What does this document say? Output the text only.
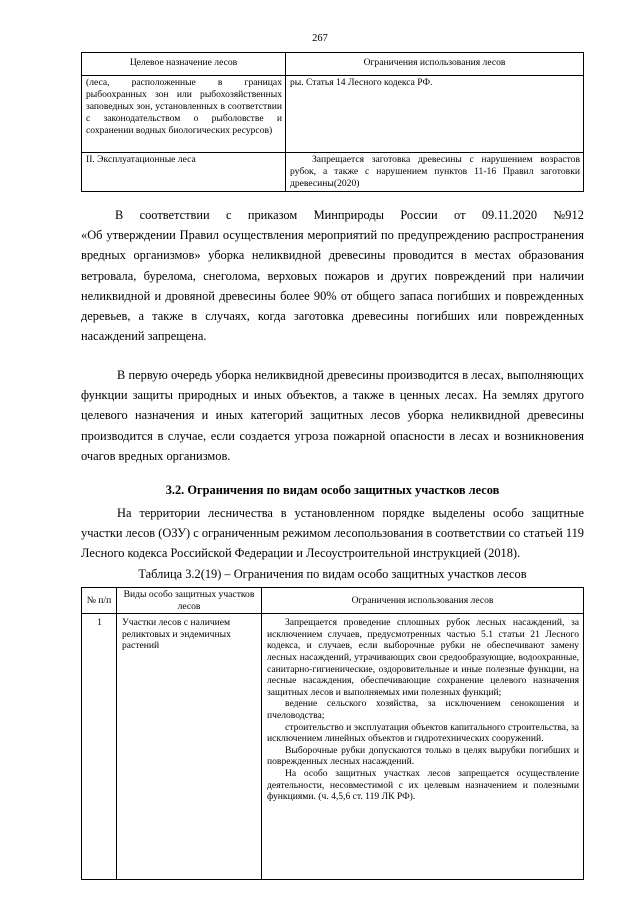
267
Целевое назначение лесов	Ограничения использования лесов
(леса, расположенные в границах рыбоохранных зон или рыбохозяйственных заповедных зон, установленных в соответствии с законодательством о рыболовстве и сохранении водных биологических ресурсов)	ры. Статья 14 Лесного кодекса РФ.
II. Эксплуатационные леса	Запрещается заготовка древесины с нарушением возрастов рубок, а также с нарушением пунктов 11-16 Правил заготовки древесины(2020)
В соответствии с приказом Минприроды России от 09.11.2020 №912

«Об утверждении Правил осуществления мероприятий по предупреждению распространения вредных организмов» уборка неликвидной древесины проводится в местах образования ветровала, бурелома, снеголома, верховых пожаров и других повреждений при наличии неликвидной и дровяной древесины более 90% от общего запаса погибших и поврежденных деревьев, а также в случаях, когда заготовка древесины погибших или поврежденных насаждений запрещена.

В первую очередь уборка неликвидной древесины производится в лесах, выполняющих функции защиты природных и иных объектов, а также в ценных лесах. На землях другого целевого назначения и иных категорий защитных лесов уборка неликвидной древесины производится в случае, если создается угроза пожарной опасности в лесах и возникновения очагов вредных организмов.

3.2. Ограничения по видам особо защитных участков лесов

На территории лесничества в установленном порядке выделены особо защитные участки лесов (ОЗУ) с ограниченным режимом лесопользования в соответствии со статьей 119 Лесного кодекса Российской Федерации и Лесоустроительной инструкцией (2018).

Таблица 3.2(19) – Ограничения по видам особо защитных участков лесов
№ п/п	Виды особо защитных участков лесов	Ограничения использования лесов
1	Участки лесов с наличием реликтовых и эндемичных растений	Запрещается проведение сплошных рубок лесных насаждений, за исключением случаев, предусмотренных частью 5.1 статьи 21 Лесного кодекса, и случаев, если выборочные рубки не обеспечивают замену лесных насаждений, утрачивающих свои средообразующие, водоохранные, санитарно-гигиенические, оздоровительные и иные полезные функции, на лесные насаждения, обеспечивающие сохранение целевого назначения защитных лесов и выполняемых ими полезных функций;

ведение сельского хозяйства, за исключением сенокошения и пчеловодства;

строительство и эксплуатация объектов капитального строительства, за исключением линейных объектов и гидротехнических сооружений.

Выборочные рубки допускаются только в целях вырубки погибших и поврежденных лесных насаждений.

На особо защитных участках лесов запрещается осуществление деятельности, несовместимой с их целевым назначением и полезными функциями. (ч. 4,5,6 ст. 119 ЛК РФ).
